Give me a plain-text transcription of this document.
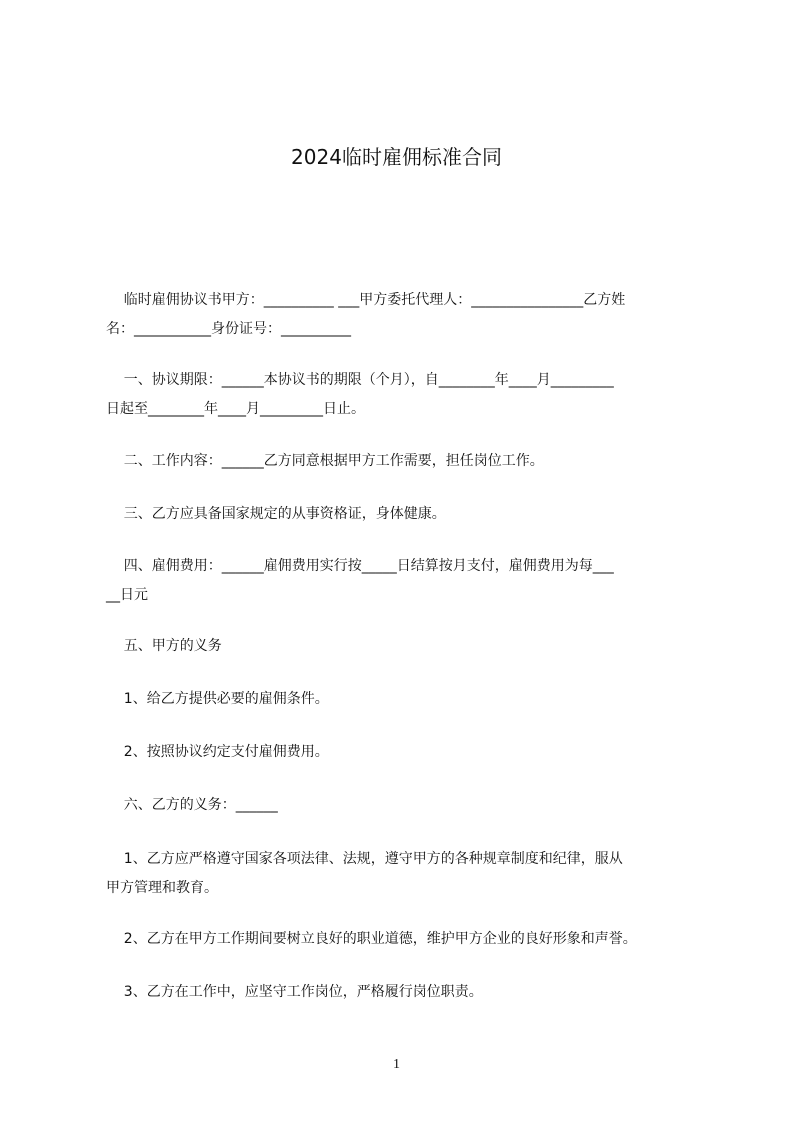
2024临时雇佣标准合同

临时雇佣协议书甲方：__________ ___甲方委托代理人：________________乙方姓
名：___________身份证号：__________

一、协议期限：______本协议书的期限（个月），自________年____月_________
日起至________年____月_________日止。

二、工作内容：______乙方同意根据甲方工作需要，担任岗位工作。

三、乙方应具备国家规定的从事资格证，身体健康。

四、雇佣费用：______雇佣费用实行按_____日结算按月支付，雇佣费用为每___
__日元

五、甲方的义务

1、给乙方提供必要的雇佣条件。

2、按照协议约定支付雇佣费用。

六、乙方的义务：______

1、乙方应严格遵守国家各项法律、法规，遵守甲方的各种规章制度和纪律，服从
甲方管理和教育。

2、乙方在甲方工作期间要树立良好的职业道德，维护甲方企业的良好形象和声誉。

3、乙方在工作中，应坚守工作岗位，严格履行岗位职责。

1
